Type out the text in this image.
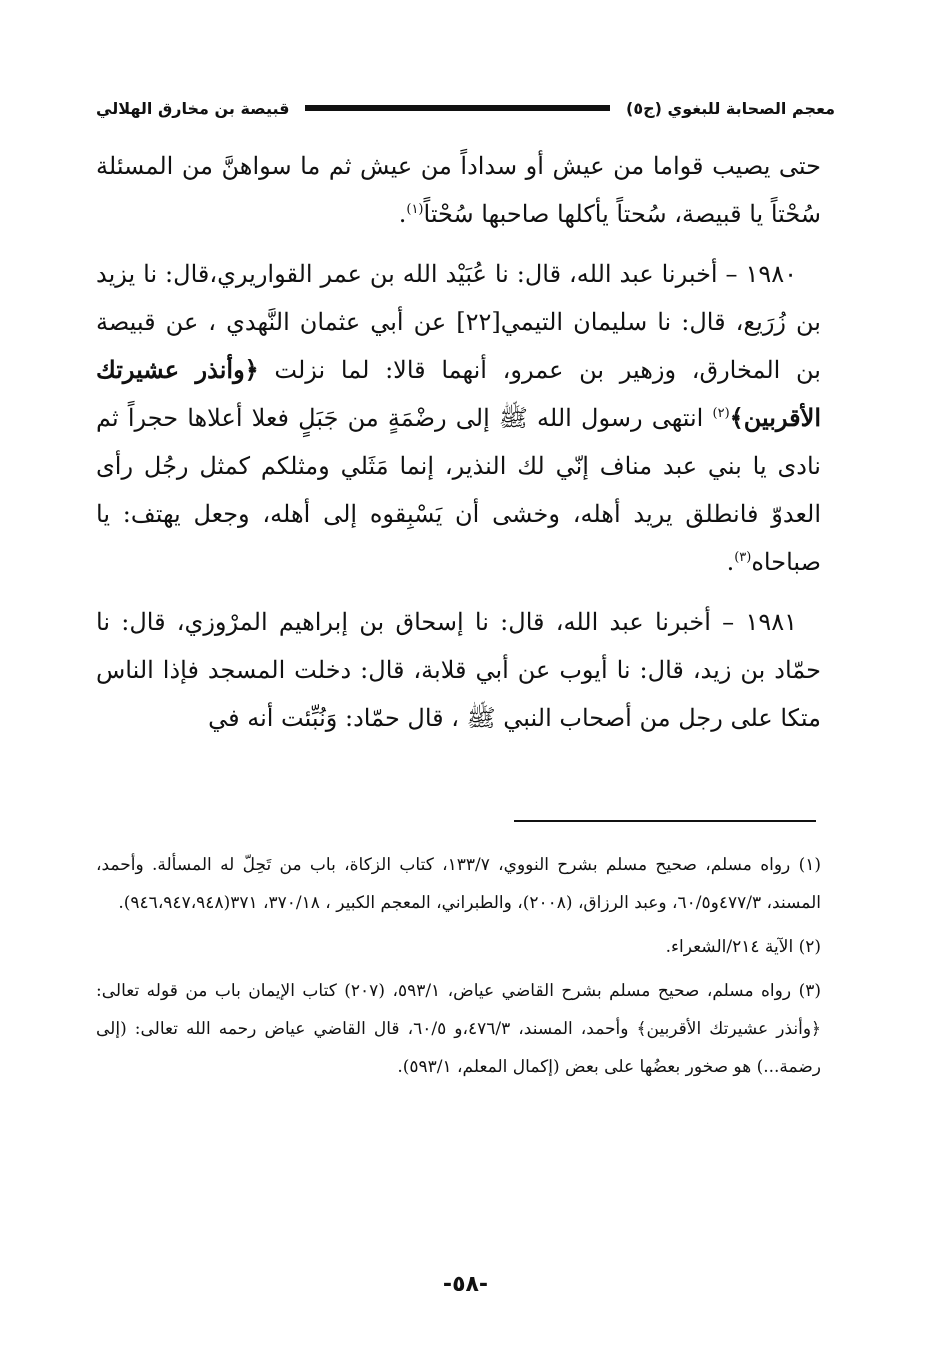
معجم الصحابة للبغوي (ج٥)
قبيصة بن مخارق الهلالي

حتى يصيب قواما من عيش أو سداداً من عيش ثم ما سواهنَّ من المسئلة سُحْتاً يا قبيصة، سُحتاً يأكلها صاحبها سُحْتاً$^{(١)}$.

١٩٨٠ – أخبرنا عبد الله، قال: نا عُبَيْد الله بن عمر القواريري،قال: نا يزيد بن زُرَيع، قال: نا سليمان التيمي[٢٢] عن أبي عثمان النَّهدي ، عن قبيصة بن المخارق، وزهير بن عمرو، أنهما قالا: لما نزلت ﴿وأنذر عشيرتك الأقربين﴾$^{(٢)}$ انتهى رسول الله ﷺ إلى رضْمَةٍ من جَبَلٍ فعلا أعلاها حجراً ثم نادى يا بني عبد مناف إنّي لك النذير، إنما مَثَلي ومثلكم كمثل رجُل رأى العدوّ فانطلق يريد أهله، وخشى أن يَسْبِقوه إلى أهله، وجعل يهتف: يا صباحاه$^{(٣)}$.

١٩٨١ – أخبرنا عبد الله، قال: نا إسحاق بن إبراهيم المرْوزي، قال: نا حمّاد بن زيد، قال: نا أيوب عن أبي قلابة، قال: دخلت المسجد فإذا الناس متكا على رجل من أصحاب النبي ﷺ ، قال حمّاد: وَنُبِّئت أنه في

(١) رواه مسلم، صحيح مسلم بشرح النووي، ١٣٣/٧، كتاب الزكاة، باب من تَحِلّ له المسألة. وأحمد، المسند، ٤٧٧/٣و٦٠/٥، وعبد الرزاق، (٢٠٠٨)، والطبراني، المعجم الكبير ، ٣٧٠/١٨، ٣٧١(٩٤٦،٩٤٧،٩٤٨).
(٢) الآية ٢١٤/الشعراء.
(٣) رواه مسلم، صحيح مسلم بشرح القاضي عياض، ٥٩٣/١، (٢٠٧) كتاب الإيمان باب من قوله تعالى: ﴿وأنذر عشيرتك الأقربين﴾ وأحمد، المسند، ٤٧٦/٣،و ٦٠/٥، قال القاضي عياض رحمه الله تعالى: (إلى رضمة...) هو صخور بعضُها على بعض (إكمال المعلم، ٥٩٣/١).
-٥٨-
